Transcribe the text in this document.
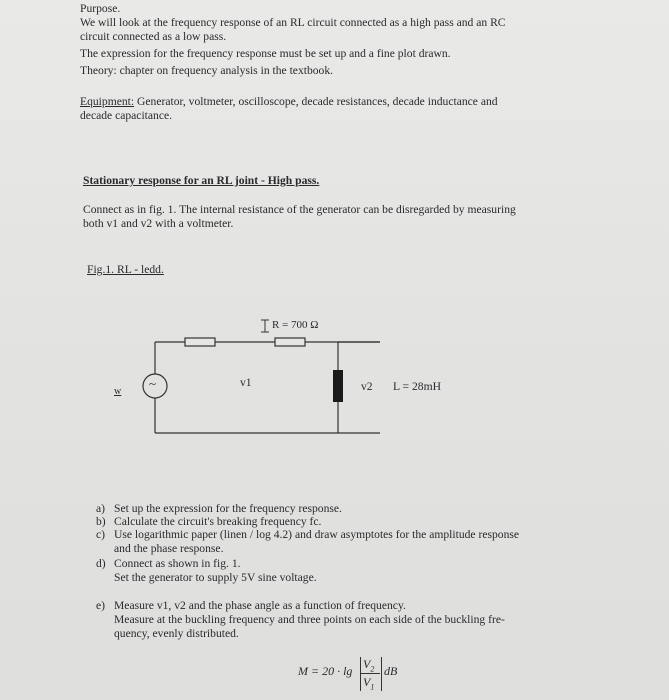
Purpose.
We will look at the frequency response of an RL circuit connected as a high pass and an RC
circuit connected as a low pass.
The expression for the frequency response must be set up and a fine plot drawn.
Theory: chapter on frequency analysis in the textbook.
Equipment: Generator, voltmeter, oscilloscope, decade resistances, decade inductance and
decade capacitance.
Stationary response for an RL joint - High pass.
Connect as in fig. 1. The internal resistance of the generator can be disregarded by measuring
both v1 and v2 with a voltmeter.
Fig.1. RL - ledd.
R = 700 Ω
~
w
v1	v2 L = 28mH
a) Set up the expression for the frequency response.
b) Calculate the circuit's breaking frequency fc.
c) Use logarithmic paper (linen / log 4.2) and draw asymptotes for the amplitude response
and the phase response.
d) Connect as shown in fig. 1.
Set the generator to supply 5V sine voltage.
e) Measure v1, v2 and the phase angle as a function of frequency.
Measure at the buckling frequency and three points on each side of the buckling fre-
quency, evenly distributed.
$M = 20 \cdot \lg V_2$
$V_1$
dB
